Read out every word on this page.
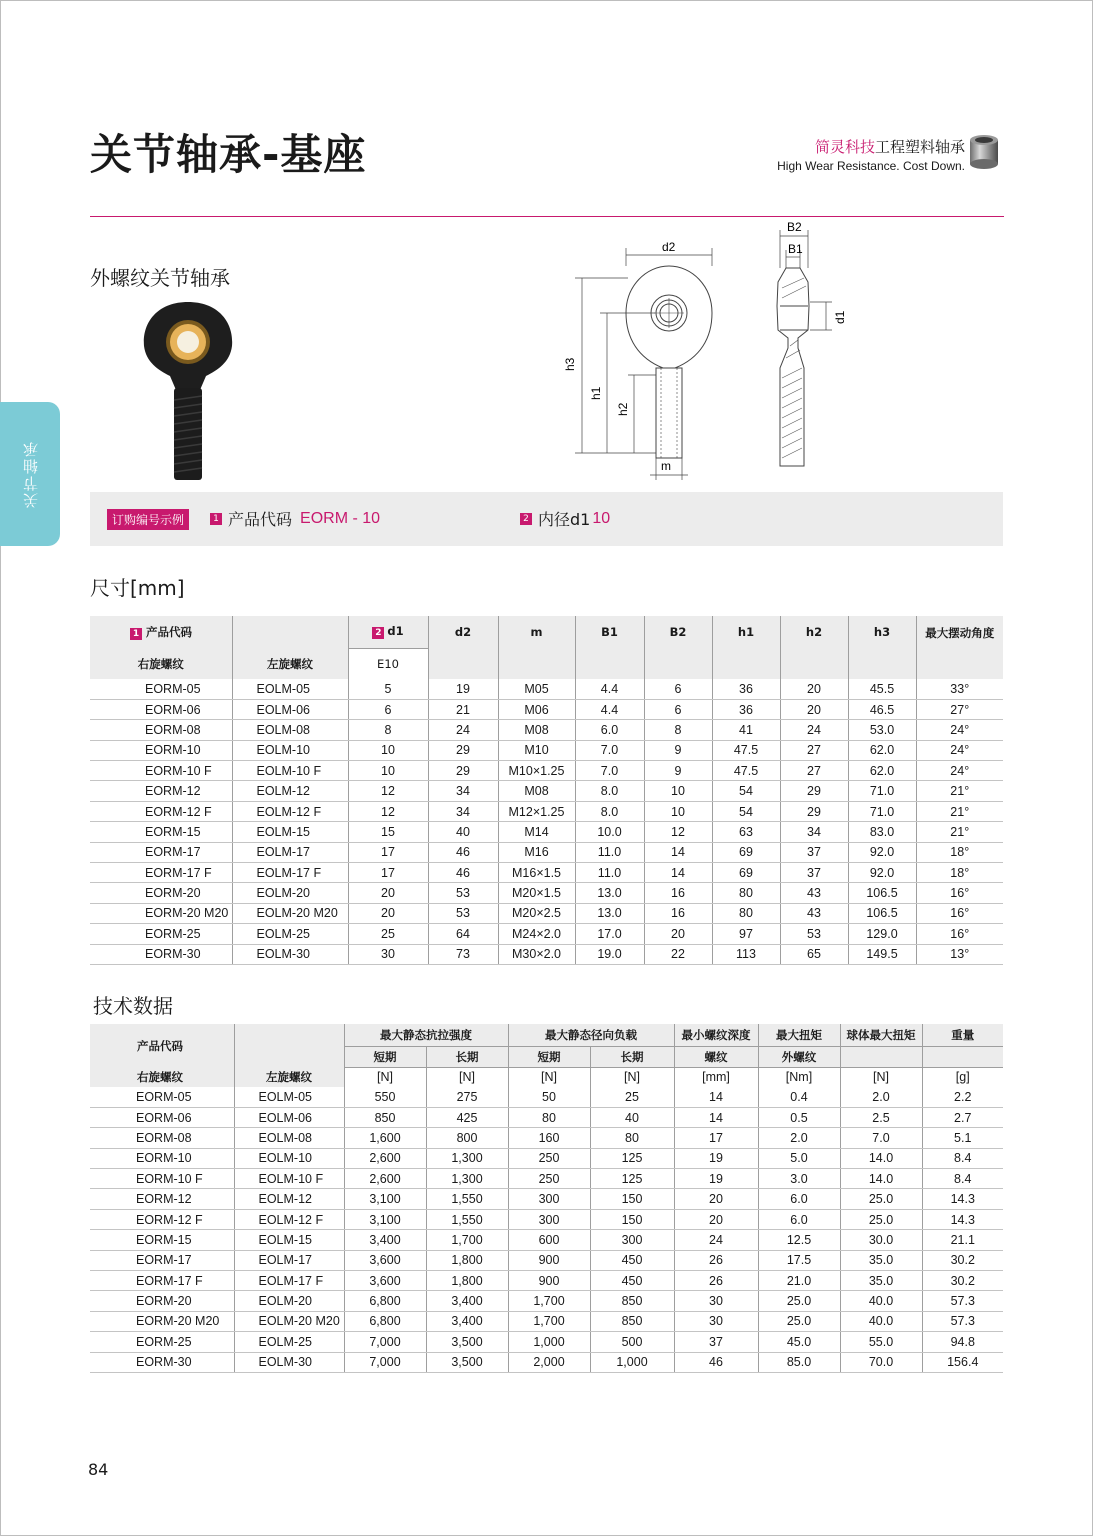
关节轴承-基座	简灵科技工程塑料轴承
High Wear Resistance. Cost Down.
关节轴承
外螺纹关节轴承
d2
h3
h1
h2
m
B2
B1
d1
订购编号示例	1 产品代码 EORM - 10	2 内径d1 10
尺寸[mm]
1 产品代码		2 d1	d2	m	B1	B2	h1	h2	h3	最大摆动角度
右旋螺纹	左旋螺纹	E10								
EORM-05	EOLM-05	5	19	M05	4.4	6	36	20	45.5	33°
EORM-06	EOLM-06	6	21	M06	4.4	6	36	20	46.5	27°
EORM-08	EOLM-08	8	24	M08	6.0	8	41	24	53.0	24°
EORM-10	EOLM-10	10	29	M10	7.0	9	47.5	27	62.0	24°
EORM-10 F	EOLM-10 F	10	29	M10×1.25	7.0	9	47.5	27	62.0	24°
EORM-12	EOLM-12	12	34	M08	8.0	10	54	29	71.0	21°
EORM-12 F	EOLM-12 F	12	34	M12×1.25	8.0	10	54	29	71.0	21°
EORM-15	EOLM-15	15	40	M14	10.0	12	63	34	83.0	21°
EORM-17	EOLM-17	17	46	M16	11.0	14	69	37	92.0	18°
EORM-17 F	EOLM-17 F	17	46	M16×1.5	11.0	14	69	37	92.0	18°
EORM-20	EOLM-20	20	53	M20×1.5	13.0	16	80	43	106.5	16°
EORM-20 M20	EOLM-20 M20	20	53	M20×2.5	13.0	16	80	43	106.5	16°
EORM-25	EOLM-25	25	64	M24×2.0	17.0	20	97	53	129.0	16°
EORM-30	EOLM-30	30	73	M30×2.0	19.0	22	113	65	149.5	13°
技术数据
产品代码	左旋螺纹	最大静态抗拉强度		最大静态径向负载		最小螺纹深度	最大扭矩	球体最大扭矩	重量
		短期	长期	短期	长期	螺纹	外螺纹		
右旋螺纹		[N]	[N]	[N]	[N]	[mm]	[Nm]	[N]	[g]
EORM-05	EOLM-05	550	275	50	25	14	0.4	2.0	2.2
EORM-06	EOLM-06	850	425	80	40	14	0.5	2.5	2.7
EORM-08	EOLM-08	1,600	800	160	80	17	2.0	7.0	5.1
EORM-10	EOLM-10	2,600	1,300	250	125	19	5.0	14.0	8.4
EORM-10 F	EOLM-10 F	2,600	1,300	250	125	19	3.0	14.0	8.4
EORM-12	EOLM-12	3,100	1,550	300	150	20	6.0	25.0	14.3
EORM-12 F	EOLM-12 F	3,100	1,550	300	150	20	6.0	25.0	14.3
EORM-15	EOLM-15	3,400	1,700	600	300	24	12.5	30.0	21.1
EORM-17	EOLM-17	3,600	1,800	900	450	26	17.5	35.0	30.2
EORM-17 F	EOLM-17 F	3,600	1,800	900	450	26	21.0	35.0	30.2
EORM-20	EOLM-20	6,800	3,400	1,700	850	30	25.0	40.0	57.3
EORM-20 M20	EOLM-20 M20	6,800	3,400	1,700	850	30	25.0	40.0	57.3
EORM-25	EOLM-25	7,000	3,500	1,000	500	37	45.0	55.0	94.8
EORM-30	EOLM-30	7,000	3,500	2,000	1,000	46	85.0	70.0	156.4
84
